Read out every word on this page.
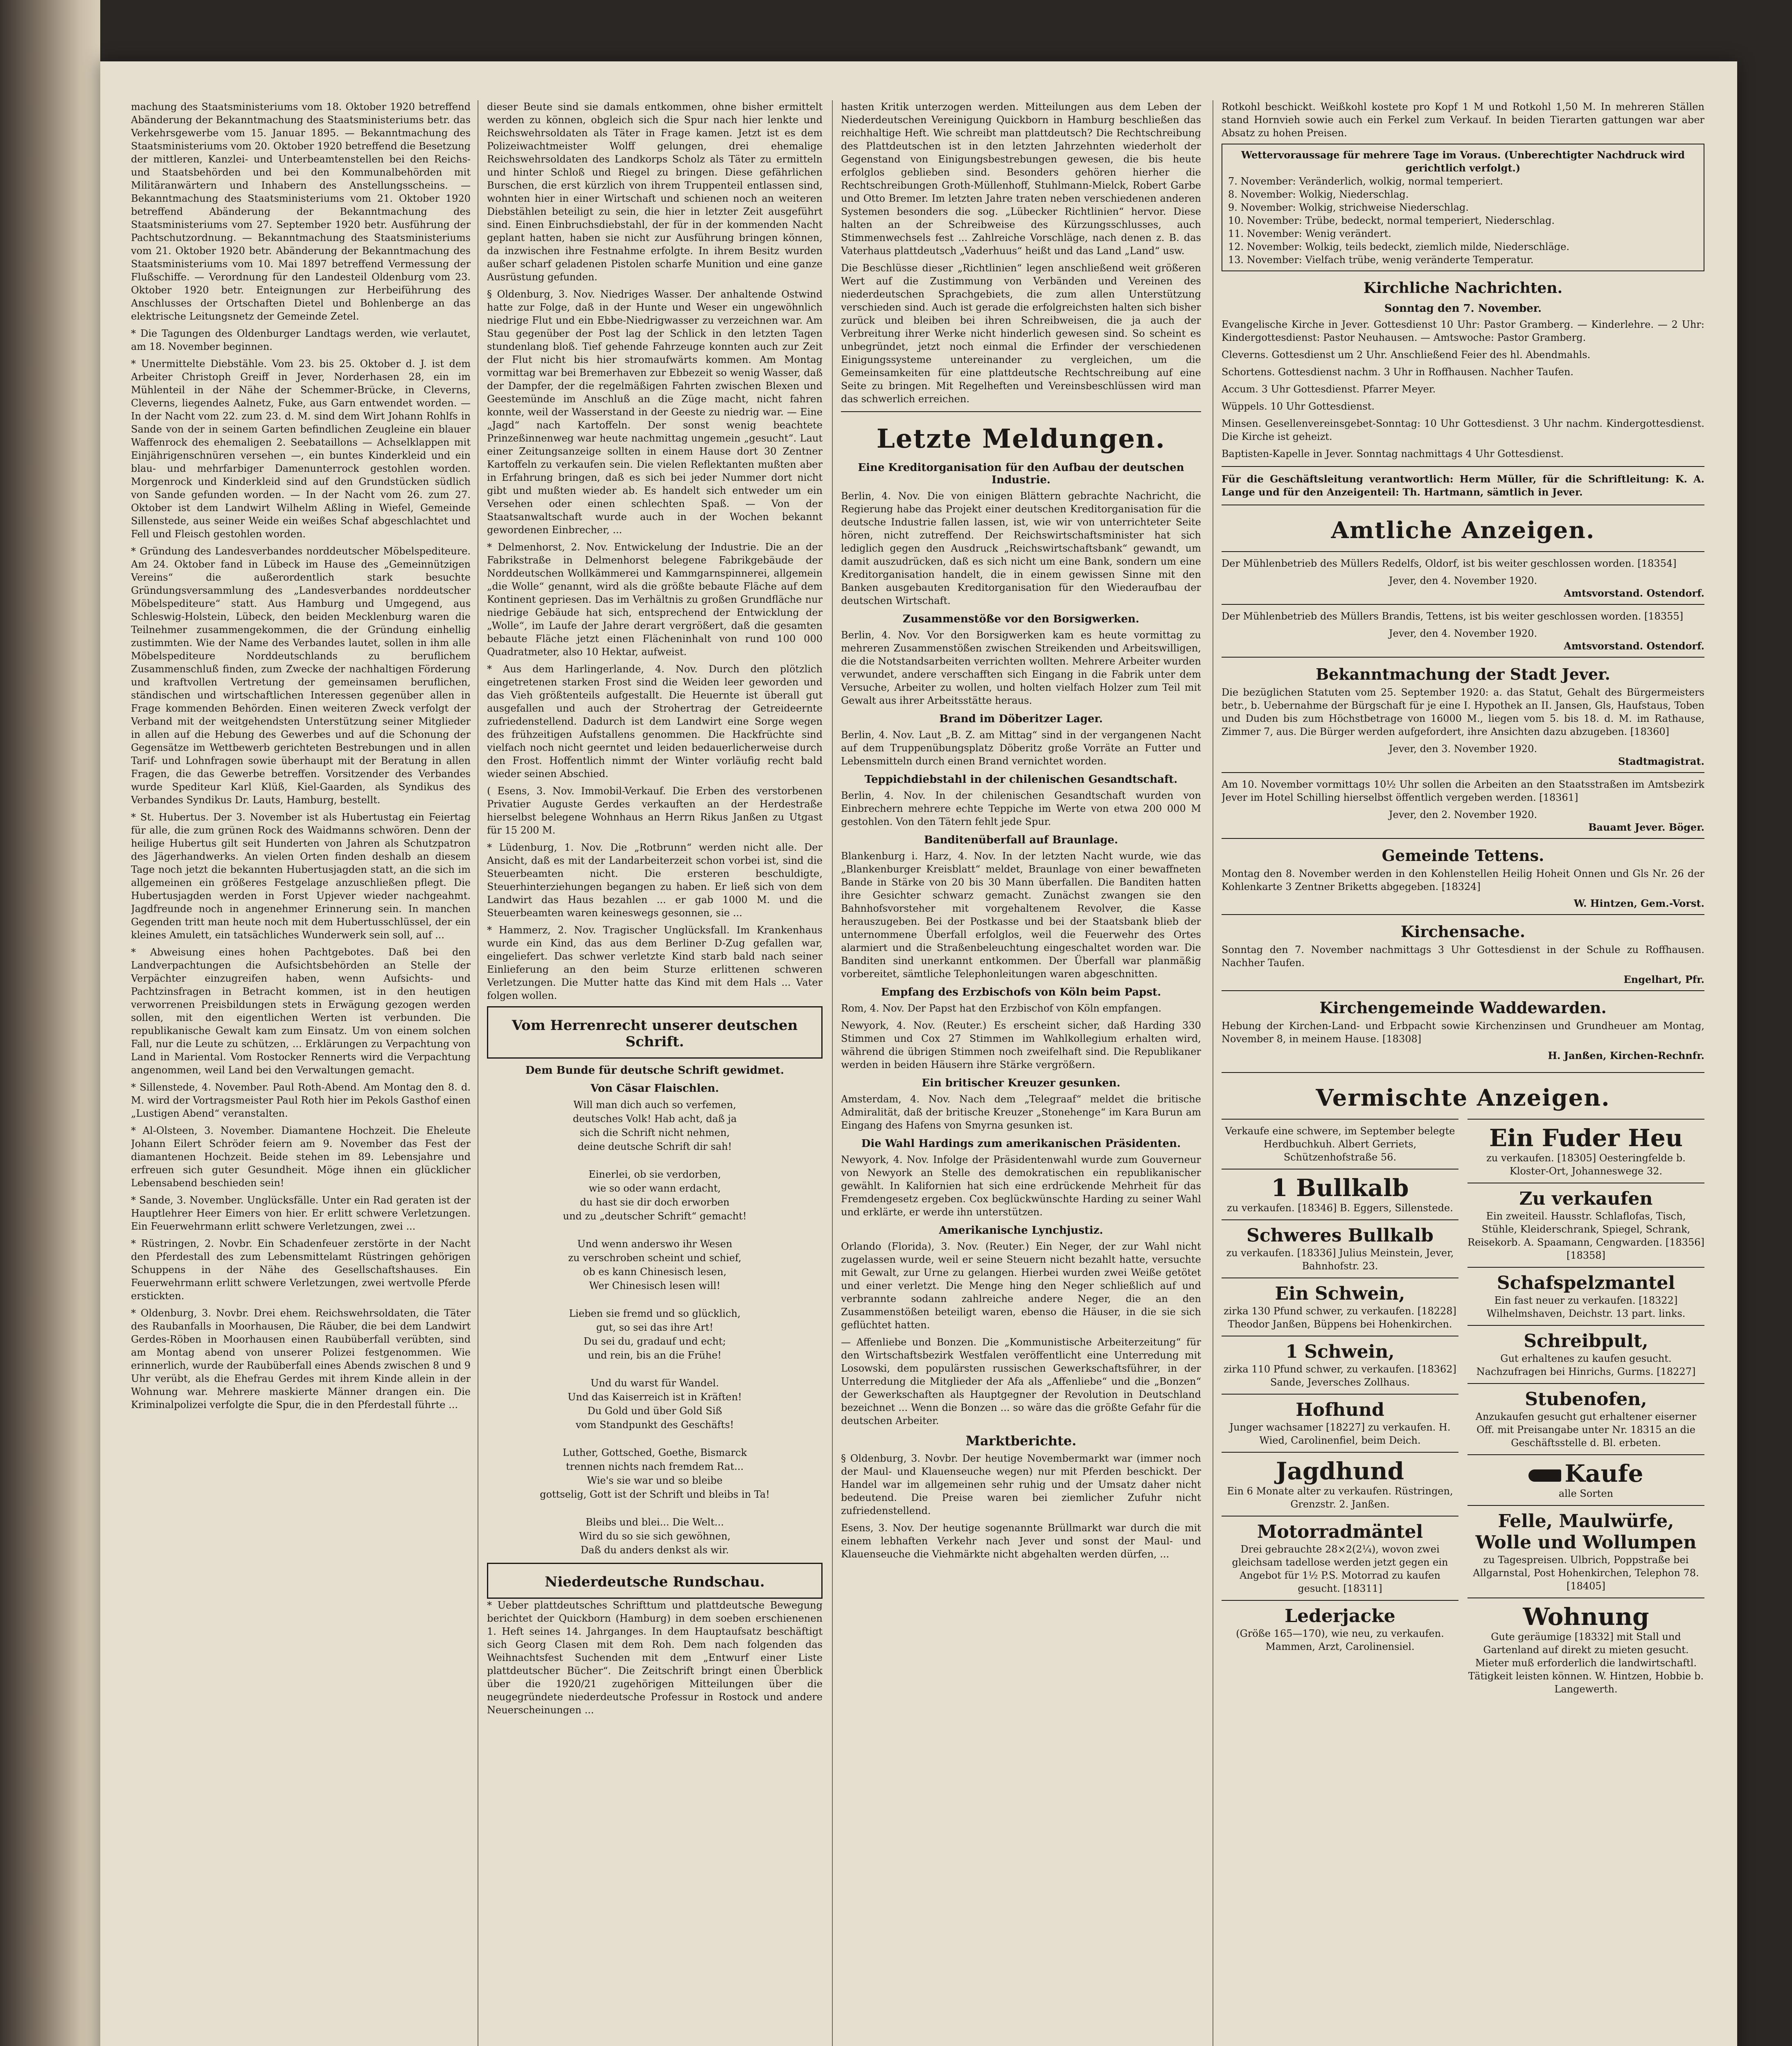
machung des Staatsministeriums vom 18. Oktober 1920 betreffend Abänderung der Bekanntmachung des Staatsministeriums betr. das Verkehrsgewerbe vom 15. Januar 1895. — Bekanntmachung des Staatsministeriums vom 20. Oktober 1920 betreffend die Besetzung der mittleren, Kanzlei- und Unterbeamtenstellen bei den Reichs- und Staatsbehörden und bei den Kommunalbehörden mit Militäranwärtern und Inhabern des Anstellungsscheins. — Bekanntmachung des Staatsministeriums vom 21. Oktober 1920 betreffend Abänderung der Bekanntmachung des Staatsministeriums vom 27. September 1920 betr. Ausführung der Pachtschutzordnung. — Bekanntmachung des Staatsministeriums vom 21. Oktober 1920 betr. Abänderung der Bekanntmachung des Staatsministeriums vom 10. Mai 1897 betreffend Vermessung der Flußschiffe. — Verordnung für den Landesteil Oldenburg vom 23. Oktober 1920 betr. Enteignungen zur Herbeiführung des Anschlusses der Ortschaften Dietel und Bohlenberge an das elektrische Leitungsnetz der Gemeinde Zetel.

* Die Tagungen des Oldenburger Landtags werden, wie verlautet, am 18. November beginnen.

* Unermittelte Diebstähle. Vom 23. bis 25. Oktober d. J. ist dem Arbeiter Christoph Greiff in Jever, Norderhasen 28, ein im Mühlenteil in der Nähe der Schemmer-Brücke, in Cleverns, Cleverns, liegendes Aalnetz, Fuke, aus Garn entwendet worden. — In der Nacht vom 22. zum 23. d. M. sind dem Wirt Johann Rohlfs in Sande von der in seinem Garten befindlichen Zeugleine ein blauer Waffenrock des ehemaligen 2. Seebataillons — Achselklappen mit Einjährigenschnüren versehen —, ein buntes Kinderkleid und ein blau- und mehrfarbiger Damenunterrock gestohlen worden. Morgenrock und Kinderkleid sind auf den Grundstücken südlich von Sande gefunden worden. — In der Nacht vom 26. zum 27. Oktober ist dem Landwirt Wilhelm Aßling in Wiefel, Gemeinde Sillenstede, aus seiner Weide ein weißes Schaf abgeschlachtet und Fell und Fleisch gestohlen worden.

* Gründung des Landesverbandes norddeutscher Möbelspediteure. Am 24. Oktober fand in Lübeck im Hause des „Gemeinnützigen Vereins“ die außerordentlich stark besuchte Gründungsversammlung des „Landesverbandes norddeutscher Möbelspediteure“ statt. Aus Hamburg und Umgegend, aus Schleswig-Holstein, Lübeck, den beiden Mecklenburg waren die Teilnehmer zusammengekommen, die der Gründung einhellig zustimmten. Wie der Name des Verbandes lautet, sollen in ihm alle Möbelspediteure Norddeutschlands zu beruflichem Zusammenschluß finden, zum Zwecke der nachhaltigen Förderung und kraftvollen Vertretung der gemeinsamen beruflichen, ständischen und wirtschaftlichen Interessen gegenüber allen in Frage kommenden Behörden. Einen weiteren Zweck verfolgt der Verband mit der weitgehendsten Unterstützung seiner Mitglieder in allen auf die Hebung des Gewerbes und auf die Schonung der Gegensätze im Wettbewerb gerichteten Bestrebungen und in allen Tarif- und Lohnfragen sowie überhaupt mit der Beratung in allen Fragen, die das Gewerbe betreffen. Vorsitzender des Verbandes wurde Spediteur Karl Klüß, Kiel-Gaarden, als Syndikus des Verbandes Syndikus Dr. Lauts, Hamburg, bestellt.

* St. Hubertus. Der 3. November ist als Hubertustag ein Feiertag für alle, die zum grünen Rock des Waidmanns schwören. Denn der heilige Hubertus gilt seit Hunderten von Jahren als Schutzpatron des Jägerhandwerks. An vielen Orten finden deshalb an diesem Tage noch jetzt die bekannten Hubertusjagden statt, an die sich im allgemeinen ein größeres Festgelage anzuschließen pflegt. Die Hubertusjagden werden in Forst Upjever wieder nachgeahmt. Jagdfreunde noch in angenehmer Erinnerung sein. In manchen Gegenden tritt man heute noch mit dem Hubertusschlüssel, der ein kleines Amulett, ein tatsächliches Wunderwerk sein soll, auf ...

* Abweisung eines hohen Pachtgebotes. Daß bei den Landverpachtungen die Aufsichtsbehörden an Stelle der Verpächter einzugreifen haben, wenn Aufsichts- und Pachtzinsfragen in Betracht kommen, ist in den heutigen verworrenen Preisbildungen stets in Erwägung gezogen werden sollen, mit den eigentlichen Werten ist verbunden. Die republikanische Gewalt kam zum Einsatz. Um von einem solchen Fall, nur die Leute zu schützen, ... Erklärungen zu Verpachtung von Land in Mariental. Vom Rostocker Rennerts wird die Verpachtung angenommen, weil Land bei den Verwaltungen gemacht.

* Sillenstede, 4. November. Paul Roth-Abend. Am Montag den 8. d. M. wird der Vortragsmeister Paul Roth hier im Pekols Gasthof einen „Lustigen Abend“ veranstalten.

* Al-Olsteen, 3. November. Diamantene Hochzeit. Die Eheleute Johann Eilert Schröder feiern am 9. November das Fest der diamantenen Hochzeit. Beide stehen im 89. Lebensjahre und erfreuen sich guter Gesundheit. Möge ihnen ein glücklicher Lebensabend beschieden sein!

* Sande, 3. November. Unglücksfälle. Unter ein Rad geraten ist der Hauptlehrer Heer Eimers von hier. Er erlitt schwere Verletzungen. Ein Feuerwehrmann erlitt schwere Verletzungen, zwei ...

* Rüstringen, 2. Novbr. Ein Schadenfeuer zerstörte in der Nacht den Pferdestall des zum Lebensmittelamt Rüstringen gehörigen Schuppens in der Nähe des Gesellschaftshauses. Ein Feuerwehrmann erlitt schwere Verletzungen, zwei wertvolle Pferde erstickten.

* Oldenburg, 3. Novbr. Drei ehem. Reichswehrsoldaten, die Täter des Raubanfalls in Moorhausen, Die Räuber, die bei dem Landwirt Gerdes-Röben in Moorhausen einen Raubüberfall verübten, sind am Montag abend von unserer Polizei festgenommen. Wie erinnerlich, wurde der Raubüberfall eines Abends zwischen 8 und 9 Uhr verübt, als die Ehefrau Gerdes mit ihrem Kinde allein in der Wohnung war. Mehrere maskierte Männer drangen ein. Die Kriminalpolizei verfolgte die Spur, die in den Pferdestall führte ...

dieser Beute sind sie damals entkommen, ohne bisher ermittelt werden zu können, obgleich sich die Spur nach hier lenkte und Reichswehrsoldaten als Täter in Frage kamen. Jetzt ist es dem Polizeiwachtmeister Wolff gelungen, drei ehemalige Reichswehrsoldaten des Landkorps Scholz als Täter zu ermitteln und hinter Schloß und Riegel zu bringen. Diese gefährlichen Burschen, die erst kürzlich von ihrem Truppenteil entlassen sind, wohnten hier in einer Wirtschaft und schienen noch an weiteren Diebstählen beteiligt zu sein, die hier in letzter Zeit ausgeführt sind. Einen Einbruchsdiebstahl, der für in der kommenden Nacht geplant hatten, haben sie nicht zur Ausführung bringen können, da inzwischen ihre Festnahme erfolgte. In ihrem Besitz wurden außer scharf geladenen Pistolen scharfe Munition und eine ganze Ausrüstung gefunden.

§ Oldenburg, 3. Nov. Niedriges Wasser. Der anhaltende Ostwind hatte zur Folge, daß in der Hunte und Weser ein ungewöhnlich niedrige Flut und ein Ebbe-Niedrigwasser zu verzeichnen war. Am Stau gegenüber der Post lag der Schlick in den letzten Tagen stundenlang bloß. Tief gehende Fahrzeuge konnten auch zur Zeit der Flut nicht bis hier stromaufwärts kommen. Am Montag vormittag war bei Bremerhaven zur Ebbezeit so wenig Wasser, daß der Dampfer, der die regelmäßigen Fahrten zwischen Blexen und Geestemünde im Anschluß an die Züge macht, nicht fahren konnte, weil der Wasserstand in der Geeste zu niedrig war. — Eine „Jagd“ nach Kartoffeln. Der sonst wenig beachtete Prinzeßinnenweg war heute nachmittag ungemein „gesucht“. Laut einer Zeitungsanzeige sollten in einem Hause dort 30 Zentner Kartoffeln zu verkaufen sein. Die vielen Reflektanten mußten aber in Erfahrung bringen, daß es sich bei jeder Nummer dort nicht gibt und mußten wieder ab. Es handelt sich entweder um ein Versehen oder einen schlechten Spaß. — Von der Staatsanwaltschaft wurde auch in der Wochen bekannt gewordenen Einbrecher, ...

* Delmenhorst, 2. Nov. Entwickelung der Industrie. Die an der Fabrikstraße in Delmenhorst belegene Fabrikgebäude der Norddeutschen Wollkämmerei und Kammgarnspinnerei, allgemein „die Wolle“ genannt, wird als die größte bebaute Fläche auf dem Kontinent gepriesen. Das im Verhältnis zu großen Grundfläche nur niedrige Gebäude hat sich, entsprechend der Entwicklung der „Wolle“, im Laufe der Jahre derart vergrößert, daß die gesamten bebaute Fläche jetzt einen Flächeninhalt von rund 100 000 Quadratmeter, also 10 Hektar, aufweist.

* Aus dem Harlingerlande, 4. Nov. Durch den plötzlich eingetretenen starken Frost sind die Weiden leer geworden und das Vieh größtenteils aufgestallt. Die Heuernte ist überall gut ausgefallen und auch der Strohertrag der Getreideernte zufriedenstellend. Dadurch ist dem Landwirt eine Sorge wegen des frühzeitigen Aufstallens genommen. Die Hackfrüchte sind vielfach noch nicht geerntet und leiden bedauerlicherweise durch den Frost. Hoffentlich nimmt der Winter vorläufig recht bald wieder seinen Abschied.

( Esens, 3. Nov. Immobil-Verkauf. Die Erben des verstorbenen Privatier Auguste Gerdes verkauften an der Herdestraße hierselbst belegene Wohnhaus an Herrn Rikus Janßen zu Utgast für 15 200 M.

* Lüdenburg, 1. Nov. Die „Rotbrunn“ werden nicht alle. Der Ansicht, daß es mit der Landarbeiterzeit schon vorbei ist, sind die Steuerbeamten nicht. Die ersteren beschuldigte, Steuerhinterziehungen begangen zu haben. Er ließ sich von dem Landwirt das Haus bezahlen ... er gab 1000 M. und die Steuerbeamten waren keineswegs gesonnen, sie ...

* Hammerz, 2. Nov. Tragischer Unglücksfall. Im Krankenhaus wurde ein Kind, das aus dem Berliner D-Zug gefallen war, eingeliefert. Das schwer verletzte Kind starb bald nach seiner Einlieferung an den beim Sturze erlittenen schweren Verletzungen. Die Mutter hatte das Kind mit dem Hals ... Vater folgen wollen.

Vom Herrenrecht unserer deutschen Schrift.
Dem Bunde für deutsche Schrift gewidmet.
Von Cäsar Flaischlen.
Will man dich auch so verfemen,
deutsches Volk! Hab acht, daß ja
sich die Schrift nicht nehmen,
deine deutsche Schrift dir sah!

Einerlei, ob sie verdorben,
wie so oder wann erdacht,
du hast sie dir doch erworben
und zu „deutscher Schrift“ gemacht!

Und wenn anderswo ihr Wesen
zu verschroben scheint und schief,
ob es kann Chinesisch lesen,
Wer Chinesisch lesen will!

Lieben sie fremd und so glücklich,
gut, so sei das ihre Art!
Du sei du, gradauf und echt;
und rein, bis an die Frühe!

Und du warst für Wandel.
Und das Kaiserreich ist in Kräften!
Du Gold und über Gold Siß
vom Standpunkt des Geschäfts!

Luther, Gottsched, Goethe, Bismarck
trennen nichts nach fremdem Rat...
Wie's sie war und so bleibe
gottselig, Gott ist der Schrift und bleibs in Ta!

Bleibs und blei... Die Welt...
Wird du so sie sich gewöhnen,
Daß du anders denkst als wir.
Niederdeutsche Rundschau.

* Ueber plattdeutsches Schrifttum und plattdeutsche Bewegung berichtet der Quickborn (Hamburg) in dem soeben erschienenen 1. Heft seines 14. Jahrganges. In dem Hauptaufsatz beschäftigt sich Georg Clasen mit dem Roh. Dem nach folgenden das Weihnachtsfest Suchenden mit dem „Entwurf einer Liste plattdeutscher Bücher“. Die Zeitschrift bringt einen Überblick über die 1920/21 zugehörigen Mitteilungen über die neugegründete niederdeutsche Professur in Rostock und andere Neuerscheinungen ...

hasten Kritik unterzogen werden. Mitteilungen aus dem Leben der Niederdeutschen Vereinigung Quickborn in Hamburg beschließen das reichhaltige Heft. Wie schreibt man plattdeutsch? Die Rechtschreibung des Plattdeutschen ist in den letzten Jahrzehnten wiederholt der Gegenstand von Einigungsbestrebungen gewesen, die bis heute erfolglos geblieben sind. Besonders gehören hierher die Rechtschreibungen Groth-Müllenhoff, Stuhlmann-Mielck, Robert Garbe und Otto Bremer. Im letzten Jahre traten neben verschiedenen anderen Systemen besonders die sog. „Lübecker Richtlinien“ hervor. Diese halten an der Schreibweise des Kürzungsschlusses, auch Stimmenwechsels fest ... Zahlreiche Vorschläge, nach denen z. B. das Vaterhaus plattdeutsch „Vaderhuus“ heißt und das Land „Land“ usw.

Die Beschlüsse dieser „Richtlinien“ legen anschließend weit größeren Wert auf die Zustimmung von Verbänden und Vereinen des niederdeutschen Sprachgebiets, die zum allen Unterstützung verschieden sind. Auch ist gerade die erfolgreichsten halten sich bisher zurück und bleiben bei ihren Schreibweisen, die ja auch der Verbreitung ihrer Werke nicht hinderlich gewesen sind. So scheint es unbegründet, jetzt noch einmal die Erfinder der verschiedenen Einigungssysteme untereinander zu vergleichen, um die Gemeinsamkeiten für eine plattdeutsche Rechtschreibung auf eine Seite zu bringen. Mit Regelheften und Vereinsbeschlüssen wird man das schwerlich erreichen.

Letzte Meldungen.
Eine Kreditorganisation für den Aufbau der deutschen Industrie.

Berlin, 4. Nov. Die von einigen Blättern gebrachte Nachricht, die Regierung habe das Projekt einer deutschen Kreditorganisation für die deutsche Industrie fallen lassen, ist, wie wir von unterrichteter Seite hören, nicht zutreffend. Der Reichswirtschaftsminister hat sich lediglich gegen den Ausdruck „Reichswirtschaftsbank“ gewandt, um damit auszudrücken, daß es sich nicht um eine Bank, sondern um eine Kreditorganisation handelt, die in einem gewissen Sinne mit den Banken ausgebauten Kreditorganisation für den Wiederaufbau der deutschen Wirtschaft.

Zusammenstöße vor den Borsigwerken.

Berlin, 4. Nov. Vor den Borsigwerken kam es heute vormittag zu mehreren Zusammenstößen zwischen Streikenden und Arbeitswilligen, die die Notstandsarbeiten verrichten wollten. Mehrere Arbeiter wurden verwundet, andere verschafften sich Eingang in die Fabrik unter dem Versuche, Arbeiter zu wollen, und holten vielfach Holzer zum Teil mit Gewalt aus ihrer Arbeitsstätte heraus.

Brand im Döberitzer Lager.

Berlin, 4. Nov. Laut „B. Z. am Mittag“ sind in der vergangenen Nacht auf dem Truppenübungsplatz Döberitz große Vorräte an Futter und Lebensmitteln durch einen Brand vernichtet worden.

Teppichdiebstahl in der chilenischen Gesandtschaft.

Berlin, 4. Nov. In der chilenischen Gesandtschaft wurden von Einbrechern mehrere echte Teppiche im Werte von etwa 200 000 M gestohlen. Von den Tätern fehlt jede Spur.

Banditenüberfall auf Braunlage.

Blankenburg i. Harz, 4. Nov. In der letzten Nacht wurde, wie das „Blankenburger Kreisblatt“ meldet, Braunlage von einer bewaffneten Bande in Stärke von 20 bis 30 Mann überfallen. Die Banditen hatten ihre Gesichter schwarz gemacht. Zunächst zwangen sie den Bahnhofsvorsteher mit vorgehaltenem Revolver, die Kasse herauszugeben. Bei der Postkasse und bei der Staatsbank blieb der unternommene Überfall erfolglos, weil die Feuerwehr des Ortes alarmiert und die Straßenbeleuchtung eingeschaltet worden war. Die Banditen sind unerkannt entkommen. Der Überfall war planmäßig vorbereitet, sämtliche Telephonleitungen waren abgeschnitten.

Empfang des Erzbischofs von Köln beim Papst.

Rom, 4. Nov. Der Papst hat den Erzbischof von Köln empfangen.

Newyork, 4. Nov. (Reuter.) Es erscheint sicher, daß Harding 330 Stimmen und Cox 27 Stimmen im Wahlkollegium erhalten wird, während die übrigen Stimmen noch zweifelhaft sind. Die Republikaner werden in beiden Häusern ihre Stärke vergrößern.

Ein britischer Kreuzer gesunken.

Amsterdam, 4. Nov. Nach dem „Telegraaf“ meldet die britische Admiralität, daß der britische Kreuzer „Stonehenge“ im Kara Burun am Eingang des Hafens von Smyrna gesunken ist.

Die Wahl Hardings zum amerikanischen Präsidenten.

Newyork, 4. Nov. Infolge der Präsidentenwahl wurde zum Gouverneur von Newyork an Stelle des demokratischen ein republikanischer gewählt. In Kalifornien hat sich eine erdrückende Mehrheit für das Fremdengesetz ergeben. Cox beglückwünschte Harding zu seiner Wahl und erklärte, er werde ihn unterstützen.

Amerikanische Lynchjustiz.

Orlando (Florida), 3. Nov. (Reuter.) Ein Neger, der zur Wahl nicht zugelassen wurde, weil er seine Steuern nicht bezahlt hatte, versuchte mit Gewalt, zur Urne zu gelangen. Hierbei wurden zwei Weiße getötet und einer verletzt. Die Menge hing den Neger schließlich auf und verbrannte sodann zahlreiche andere Neger, die an den Zusammenstößen beteiligt waren, ebenso die Häuser, in die sie sich geflüchtet hatten.

— Affenliebe und Bonzen. Die „Kommunistische Arbeiterzeitung“ für den Wirtschaftsbezirk Westfalen veröffentlicht eine Unterredung mit Losowski, dem populärsten russischen Gewerkschaftsführer, in der Unterredung die Mitglieder der Afa als „Affenliebe“ und die „Bonzen“ der Gewerkschaften als Hauptgegner der Revolution in Deutschland bezeichnet ... Wenn die Bonzen ... so wäre das die größte Gefahr für die deutschen Arbeiter.

Marktberichte.

§ Oldenburg, 3. Novbr. Der heutige Novembermarkt war (immer noch der Maul- und Klauenseuche wegen) nur mit Pferden beschickt. Der Handel war im allgemeinen sehr ruhig und der Umsatz daher nicht bedeutend. Die Preise waren bei ziemlicher Zufuhr nicht zufriedenstellend.

Esens, 3. Nov. Der heutige sogenannte Brüllmarkt war durch die mit einem lebhaften Verkehr nach Jever und sonst der Maul- und Klauenseuche die Viehmärkte nicht abgehalten werden dürfen, ...

Rotkohl beschickt. Weißkohl kostete pro Kopf 1 M und Rotkohl 1,50 M. In mehreren Ställen stand Hornvieh sowie auch ein Ferkel zum Verkauf. In beiden Tierarten gattungen war aber Absatz zu hohen Preisen.

Wettervoraussage für mehrere Tage im Voraus. (Unberechtigter Nachdruck wird gerichtlich verfolgt.)
7. November: Veränderlich, wolkig, normal temperiert.
8. November: Wolkig, Niederschlag.
9. November: Wolkig, strichweise Niederschlag.
10. November: Trübe, bedeckt, normal temperiert, Niederschlag.
11. November: Wenig verändert.
12. November: Wolkig, teils bedeckt, ziemlich milde, Niederschläge.
13. November: Vielfach trübe, wenig veränderte Temperatur.
Kirchliche Nachrichten.
Sonntag den 7. November.

Evangelische Kirche in Jever. Gottesdienst 10 Uhr: Pastor Gramberg. — Kinderlehre. — 2 Uhr: Kindergottesdienst: Pastor Neuhausen. — Amtswoche: Pastor Gramberg.

Cleverns. Gottesdienst um 2 Uhr. Anschließend Feier des hl. Abendmahls.

Schortens. Gottesdienst nachm. 3 Uhr in Roffhausen. Nachher Taufen.

Accum. 3 Uhr Gottesdienst. Pfarrer Meyer.

Wüppels. 10 Uhr Gottesdienst.

Minsen. Gesellenvereinsgebet-Sonntag: 10 Uhr Gottesdienst. 3 Uhr nachm. Kindergottesdienst. Die Kirche ist geheizt.

Baptisten-Kapelle in Jever. Sonntag nachmittags 4 Uhr Gottesdienst.

Für die Geschäftsleitung verantwortlich: Herm Müller, für die Schriftleitung: K. A. Lange und für den Anzeigenteil: Th. Hartmann, sämtlich in Jever.

Amtliche Anzeigen.

Der Mühlenbetrieb des Müllers Redelfs, Oldorf, ist bis weiter geschlossen worden. [18354]

Jever, den 4. November 1920.
Amtsvorstand. Ostendorf.

Der Mühlenbetrieb des Müllers Brandis, Tettens, ist bis weiter geschlossen worden. [18355]

Jever, den 4. November 1920.
Amtsvorstand. Ostendorf.
Bekanntmachung der Stadt Jever.

Die bezüglichen Statuten vom 25. September 1920: a. das Statut, Gehalt des Bürgermeisters betr., b. Uebernahme der Bürgschaft für je eine I. Hypothek an II. Jansen, Gls, Haufstaus, Toben und Duden bis zum Höchstbetrage von 16000 M., liegen vom 5. bis 18. d. M. im Rathause, Zimmer 7, aus. Die Bürger werden aufgefordert, ihre Ansichten dazu abzugeben. [18360]

Jever, den 3. November 1920.
Stadtmagistrat.

Am 10. November vormittags 10½ Uhr sollen die Arbeiten an den Staatsstraßen im Amtsbezirk Jever im Hotel Schilling hierselbst öffentlich vergeben werden. [18361]

Jever, den 2. November 1920.
Bauamt Jever. Böger.
Gemeinde Tettens.

Montag den 8. November werden in den Kohlenstellen Heilig Hoheit Onnen und Gls Nr. 26 der Kohlenkarte 3 Zentner Briketts abgegeben. [18324]

W. Hintzen, Gem.-Vorst.
Kirchensache.

Sonntag den 7. November nachmittags 3 Uhr Gottesdienst in der Schule zu Roffhausen. Nachher Taufen.

Engelhart, Pfr.
Kirchengemeinde Waddewarden.

Hebung der Kirchen-Land- und Erbpacht sowie Kirchenzinsen und Grundheuer am Montag, November 8, in meinem Hause. [18308]

H. Janßen, Kirchen-Rechnfr.
Vermischte Anzeigen.
Verkaufe eine schwere, im September belegte Herdbuchkuh. Albert Gerriets, Schützenhofstraße 56.
1 Bullkalb
zu verkaufen. [18346] B. Eggers, Sillenstede.
Schweres Bullkalb
zu verkaufen. [18336] Julius Meinstein, Jever, Bahnhofstr. 23.
Ein Schwein,
zirka 130 Pfund schwer, zu verkaufen. [18228] Theodor Janßen, Büppens bei Hohenkirchen.
1 Schwein,
zirka 110 Pfund schwer, zu verkaufen. [18362] Sande, Jeversches Zollhaus.
Hofhund
Junger wachsamer [18227] zu verkaufen. H. Wied, Carolinenfiel, beim Deich.
Jagdhund
Ein 6 Monate alter zu verkaufen. Rüstringen, Grenzstr. 2. Janßen.
Motorradmäntel
Drei gebrauchte 28×2(2¼), wovon zwei gleichsam tadellose werden jetzt gegen ein Angebot für 1½ P.S. Motorrad zu kaufen gesucht. [18311]
Lederjacke
(Größe 165—170), wie neu, zu verkaufen. Mammen, Arzt, Carolinensiel.
Ein Fuder Heu
zu verkaufen. [18305] Oesteringfelde b. Kloster-Ort, Johanneswege 32.
Zu verkaufen
Ein zweiteil. Hausstr. Schlaflofas, Tisch, Stühle, Kleiderschrank, Spiegel, Schrank, Reisekorb. A. Spaamann, Cengwarden. [18356] [18358]
Schafspelzmantel
Ein fast neuer zu verkaufen. [18322] Wilhelmshaven, Deichstr. 13 part. links.
Schreibpult,
Gut erhaltenes zu kaufen gesucht. Nachzufragen bei Hinrichs, Gurms. [18227]
Stubenofen,
Anzukaufen gesucht gut erhaltener eiserner Off. mit Preisangabe unter Nr. 18315 an die Geschäftsstelle d. Bl. erbeten.
Kaufe
alle Sorten
Felle, Maulwürfe, Wolle und Wollumpen
zu Tagespreisen. Ulbrich, Poppstraße bei Allgarnstal, Post Hohenkirchen, Telephon 78. [18405]
Wohnung
Gute geräumige [18332] mit Stall und Gartenland auf direkt zu mieten gesucht. Mieter muß erforderlich die landwirtschaftl. Tätigkeit leisten können. W. Hintzen, Hobbie b. Langewerth.
